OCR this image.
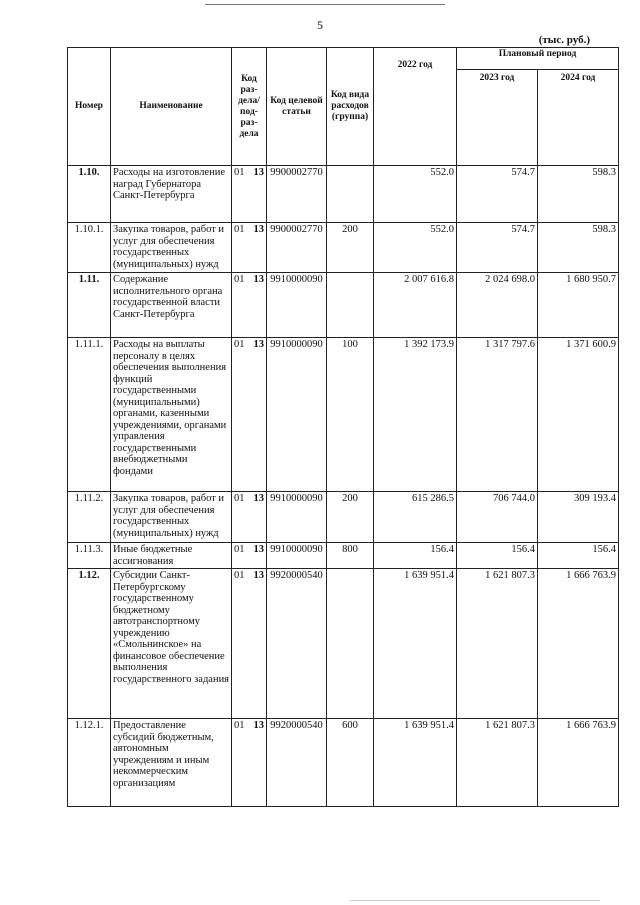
5
(тыс. руб.)
Номер	Наименование	Код раз-дела/ под-раз-дела	Код целевой статьи	Код вида расходов (группа)	2022 год	Плановый период	
						2023 год	2024 год
1.10.	Расходы на изготовление наград Губернатора Санкт-Петербурга	01 13	9900002770		552.0	574.7	598.3
1.10.1.	Закупка товаров, работ и услуг для обеспечения государственных (муниципальных) нужд	01 13	9900002770	200	552.0	574.7	598.3
1.11.	Содержание исполнительного органа государственной власти Санкт-Петербурга	01 13	9910000090		2 007 616.8	2 024 698.0	1 680 950.7
1.11.1.	Расходы на выплаты персоналу в целях обеспечения выполнения функций государственными (муниципальными) органами, казенными учреждениями, органами управления государственными внебюджетными фондами	01 13	9910000090	100	1 392 173.9	1 317 797.6	1 371 600.9
1.11.2.	Закупка товаров, работ и услуг для обеспечения государственных (муниципальных) нужд	01 13	9910000090	200	615 286.5	706 744.0	309 193.4
1.11.3.	Иные бюджетные ассигнования	01 13	9910000090	800	156.4	156.4	156.4
1.12.	Субсидии Санкт-Петербургскому государственному бюджетному автотранспортному учреждению «Смольнинское» на финансовое обеспечение выполнения государственного задания	01 13	9920000540		1 639 951.4	1 621 807.3	1 666 763.9
1.12.1.	Предоставление субсидий бюджетным, автономным учреждениям и иным некоммерческим организациям	01 13	9920000540	600	1 639 951.4	1 621 807.3	1 666 763.9
